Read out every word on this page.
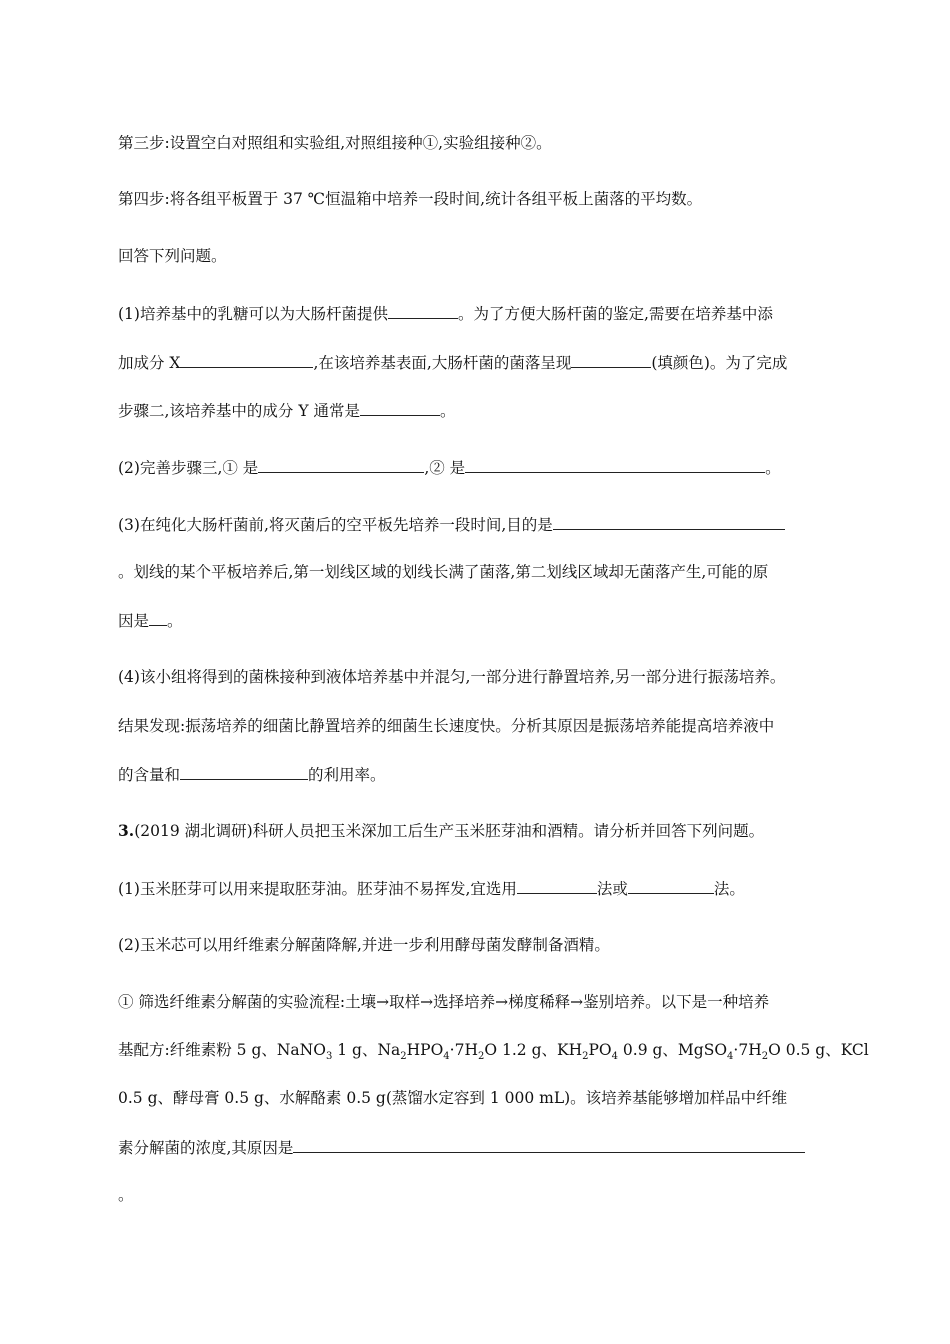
第三步:设置空白对照组和实验组,对照组接种①,实验组接种②。
第四步:将各组平板置于 37 ℃恒温箱中培养一段时间,统计各组平板上菌落的平均数。
回答下列问题。
(1)培养基中的乳糖可以为大肠杆菌提供	。为了方便大肠杆菌的鉴定,需要在培养基中添
加成分 X	,在该培养基表面,大肠杆菌的菌落呈现	(填颜色)。为了完成
步骤二,该培养基中的成分 Y 通常是	。
(2)完善步骤三,① 是	,② 是	。
(3)在纯化大肠杆菌前,将灭菌后的空平板先培养一段时间,目的是
。划线的某个平板培养后,第一划线区域的划线长满了菌落,第二划线区域却无菌落产生,可能的原
因是 。
(4)该小组将得到的菌株接种到液体培养基中并混匀,一部分进行静置培养,另一部分进行振荡培养。
结果发现:振荡培养的细菌比静置培养的细菌生长速度快。分析其原因是振荡培养能提高培养液中
的含量和	的利用率。
3.(2019 湖北调研)科研人员把玉米深加工后生产玉米胚芽油和酒精。请分析并回答下列问题。
(1)玉米胚芽可以用来提取胚芽油。胚芽油不易挥发,宜选用	法或	法。
(2)玉米芯可以用纤维素分解菌降解,并进一步利用酵母菌发酵制备酒精。
① 筛选纤维素分解菌的实验流程:土壤→取样→选择培养→梯度稀释→鉴别培养。以下是一种培养
基配方:纤维素粉 5 g、NaNO$_3$ 1 g、$Na_2HPO_4\cdot 7H_2O$ 1.2 g、$KH_2PO_4$ 0.9 g、$MgSO_4\cdot 7H_2O$ 0.5 g、KCl
0.5 g、酵母膏 0.5 g、水解酪素 0.5 g(蒸馏水定容到 1 000 mL)。该培养基能够增加样品中纤维
素分解菌的浓度,其原因是
。
